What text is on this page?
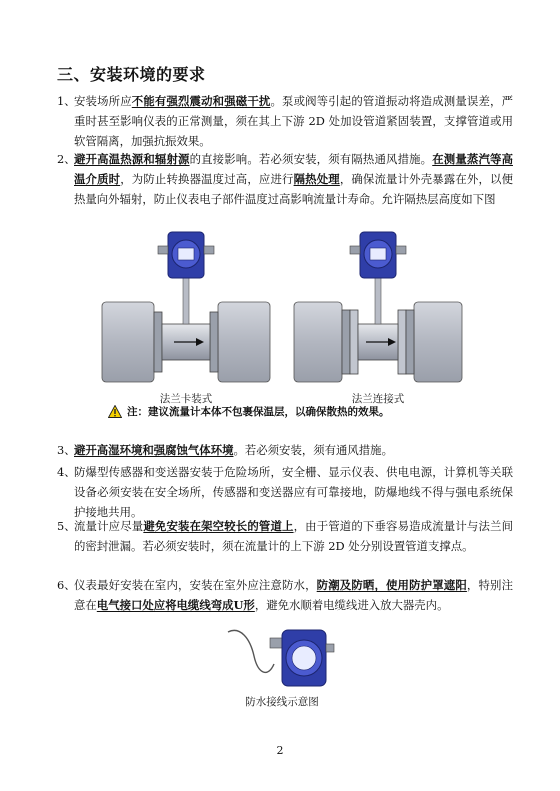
三、安装环境的要求
1、
安装场所应不能有强烈震动和强磁干扰。泵或阀等引起的管道振动将造成测量误差，严重时甚至影响仪表的正常测量，须在其上下游 2D 处加设管道紧固装置，支撑管道或用软管隔离，加强抗振效果。
2、
避开高温热源和辐射源的直接影响。若必须安装，须有隔热通风措施。在测量蒸汽等高温介质时，为防止转换器温度过高，应进行隔热处理，确保流量计外壳暴露在外，以便热量向外辐射，防止仪表电子部件温度过高影响流量计寿命。允许隔热层高度如下图
法兰卡装式	法兰连接式
注：建议流量计本体不包裹保温层，以确保散热的效果。
3、
避开高湿环境和强腐蚀气体环境。若必须安装，须有通风措施。
4、
防爆型传感器和变送器安装于危险场所，安全栅、显示仪表、供电电源，计算机等关联设备必须安装在安全场所，传感器和变送器应有可靠接地，防爆地线不得与强电系统保护接地共用。
5、
流量计应尽量避免安装在架空较长的管道上，由于管道的下垂容易造成流量计与法兰间的密封泄漏。若必须安装时，须在流量计的上下游 2D 处分别设置管道支撑点。
6、
仪表最好安装在室内，安装在室外应注意防水，防潮及防晒，使用防护罩遮阳，特别注意在电气接口处应将电缆线弯成U形，避免水顺着电缆线进入放大器壳内。
防水接线示意图
2
